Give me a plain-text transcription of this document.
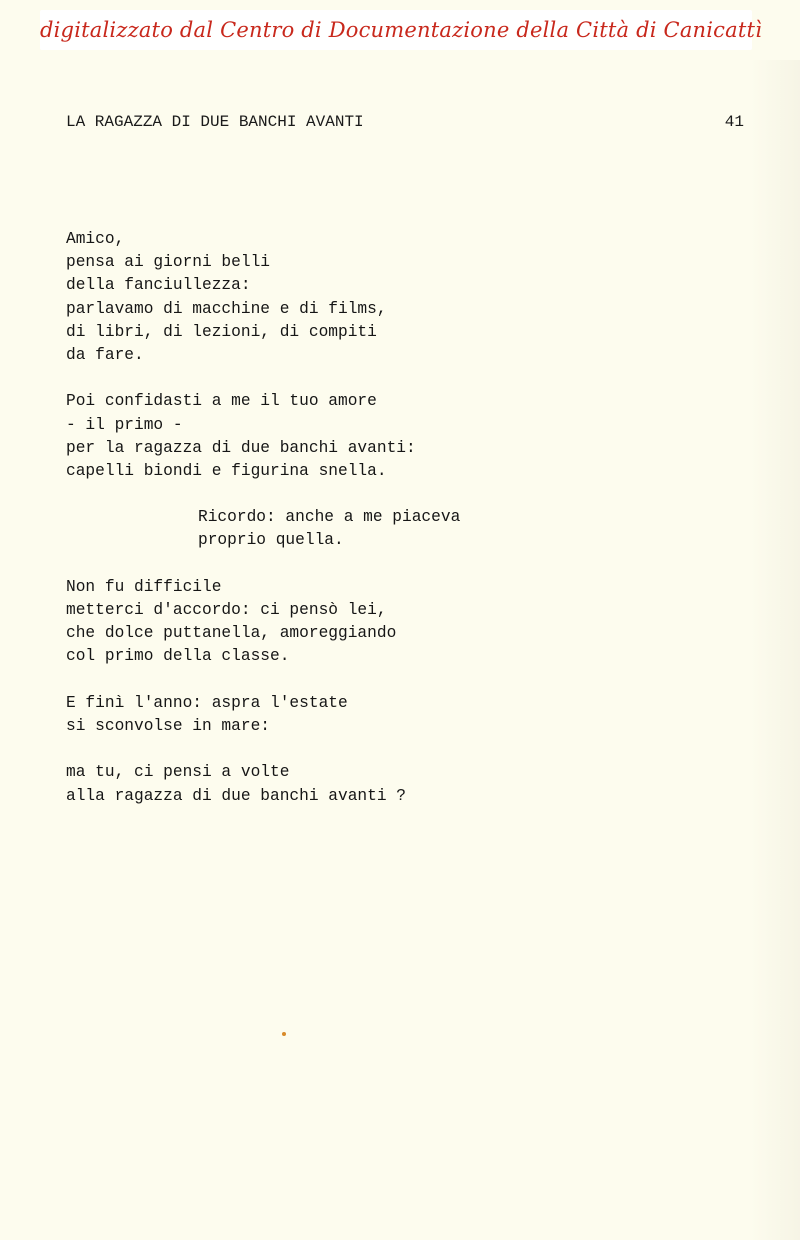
digitalizzato dal Centro di Documentazione della Città di Canicattì
LA RAGAZZA DI DUE BANCHI AVANTI	41
Amico,
pensa ai giorni belli
della fanciullezza:
parlavamo di macchine e di films,
di libri, di lezioni, di compiti
da fare.
Poi confidasti a me il tuo amore
- il primo -
per la ragazza di due banchi avanti:
capelli biondi e figurina snella.
Ricordo: anche a me piaceva
proprio quella.
Non fu difficile
metterci d'accordo: ci pensò lei,
che dolce puttanella, amoreggiando
col primo della classe.
E finì l'anno: aspra l'estate
si sconvolse in mare:
ma tu, ci pensi a volte
alla ragazza di due banchi avanti ?
